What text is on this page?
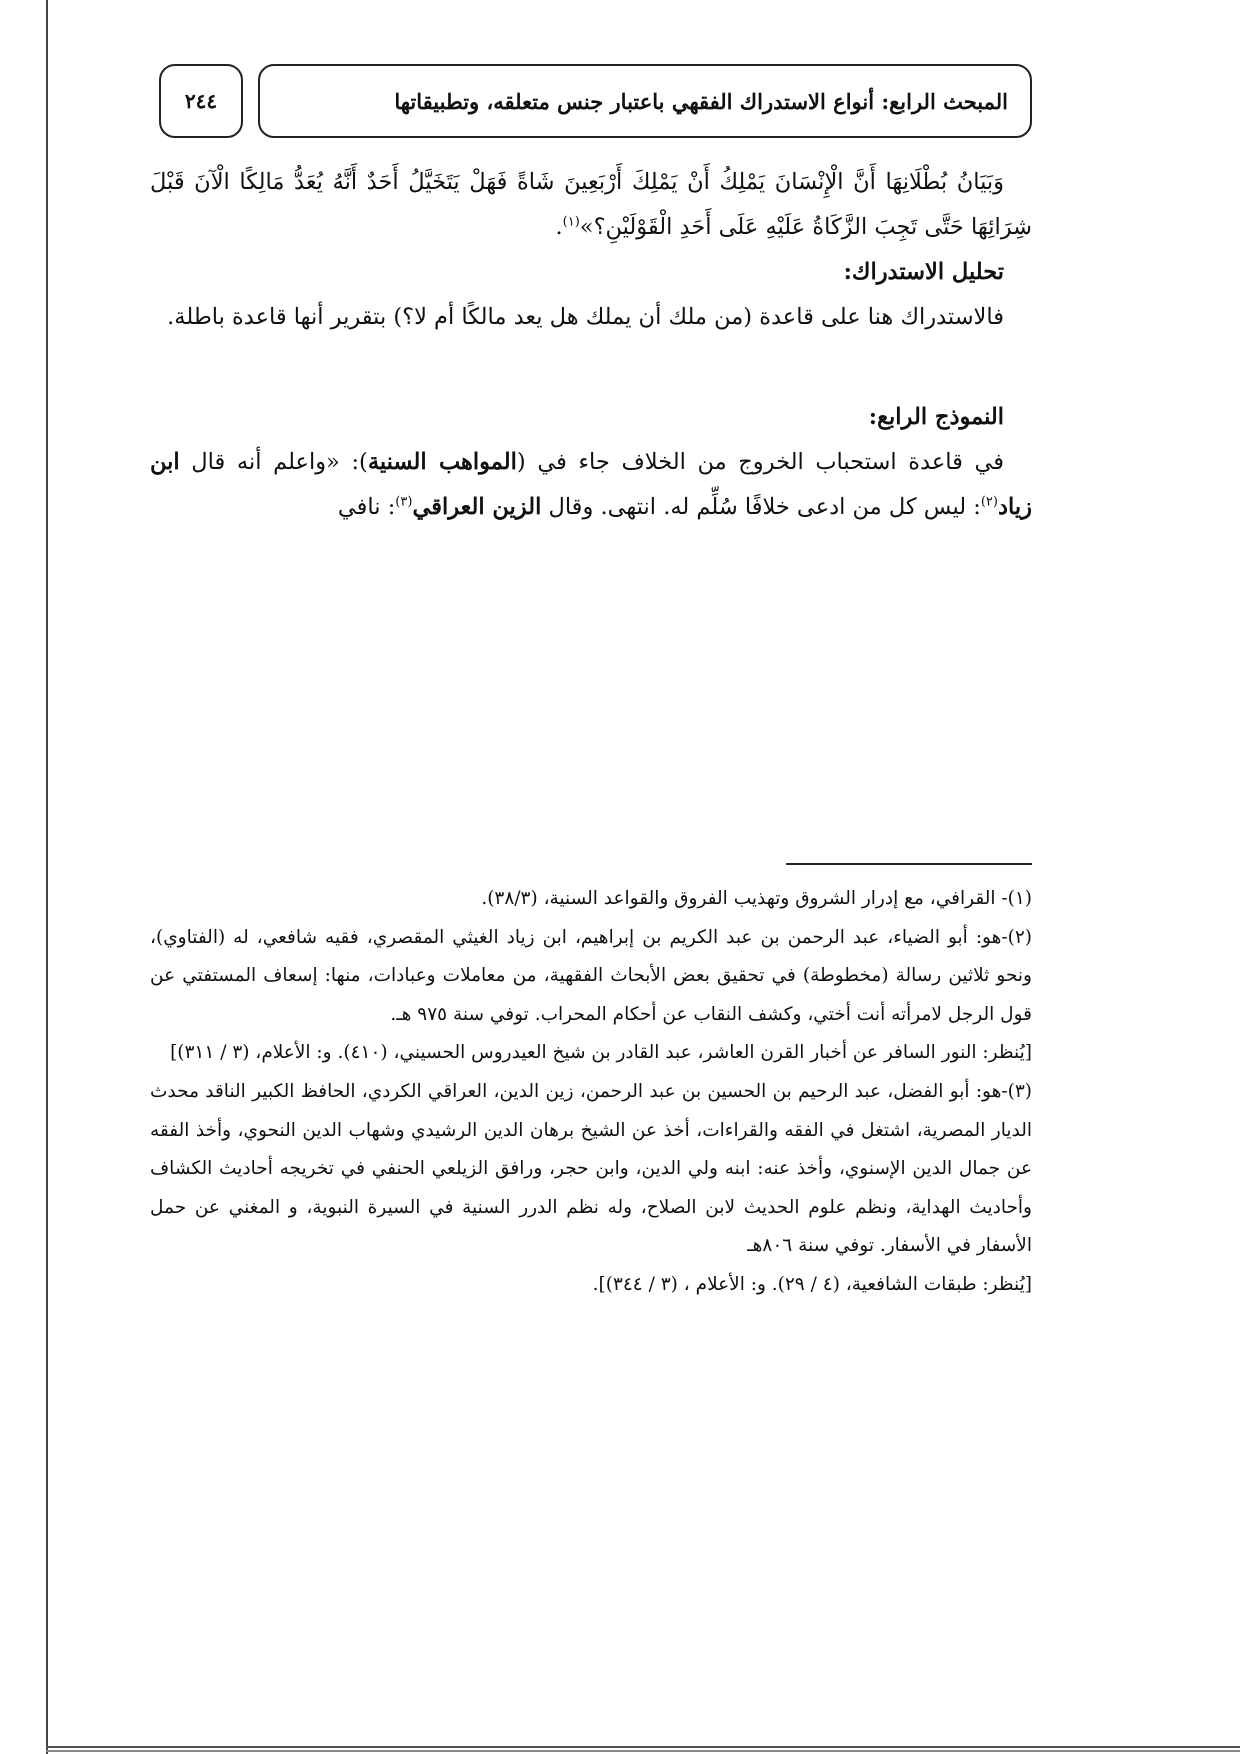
المبحث الرابع: أنواع الاستدراك الفقهي باعتبار جنس متعلقه، وتطبيقاتها
٢٤٤

وَبَيَانُ بُطْلَانِهَا أَنَّ الْإِنْسَانَ يَمْلِكُ أَنْ يَمْلِكَ أَرْبَعِينَ شَاةً فَهَلْ يَتَخَيَّلُ أَحَدٌ أَنَّهُ يُعَدُّ مَالِكًا الْآنَ قَبْلَ شِرَائِهَا حَتَّى تَجِبَ الزَّكَاةُ عَلَيْهِ عَلَى أَحَدِ الْقَوْلَيْنِ؟»$^{(١)}$.

تحليل الاستدراك:

فالاستدراك هنا على قاعدة (من ملك أن يملك هل يعد مالكًا أم لا؟) بتقرير أنها قاعدة باطلة.

النموذج الرابع:

في قاعدة استحباب الخروج من الخلاف جاء في (المواهب السنية): «واعلم أنه قال ابن زياد$^{(٢)}$: ليس كل من ادعى خلافًا سُلِّم له. انتهى. وقال الزين العراقي$^{(٣)}$: نافي

(١)- القرافي، مع إدرار الشروق وتهذيب الفروق والقواعد السنية، (٣٨/٣).

(٢)-هو: أبو الضياء، عبد الرحمن بن عبد الكريم بن إبراهيم، ابن زياد الغيثي المقصري، فقيه شافعي، له (الفتاوي)، ونحو ثلاثين رسالة (مخطوطة) في تحقيق بعض الأبحاث الفقهية، من معاملات وعبادات، منها: إسعاف المستفتي عن قول الرجل لامرأته أنت أختي، وكشف النقاب عن أحكام المحراب. توفي سنة ٩٧٥ هـ.

[يُنظر: النور السافر عن أخبار القرن العاشر، عبد القادر بن شيخ العيدروس الحسيني، (٤١٠). و: الأعلام، (٣ / ٣١١)]

(٣)-هو: أبو الفضل، عبد الرحيم بن الحسين بن عبد الرحمن، زين الدين، العراقي الكردي، الحافظ الكبير الناقد محدث الديار المصرية، اشتغل في الفقه والقراءات، أخذ عن الشيخ برهان الدين الرشيدي وشهاب الدين النحوي، وأخذ الفقه عن جمال الدين الإسنوي، وأخذ عنه: ابنه ولي الدين، وابن حجر، ورافق الزيلعي الحنفي في تخريجه أحاديث الكشاف وأحاديث الهداية، ونظم علوم الحديث لابن الصلاح، وله نظم الدرر السنية في السيرة النبوية، و المغني عن حمل الأسفار في الأسفار. توفي سنة ٨٠٦هـ

[يُنظر: طبقات الشافعية، (٤ / ٢٩). و: الأعلام ، (٣ / ٣٤٤)].
